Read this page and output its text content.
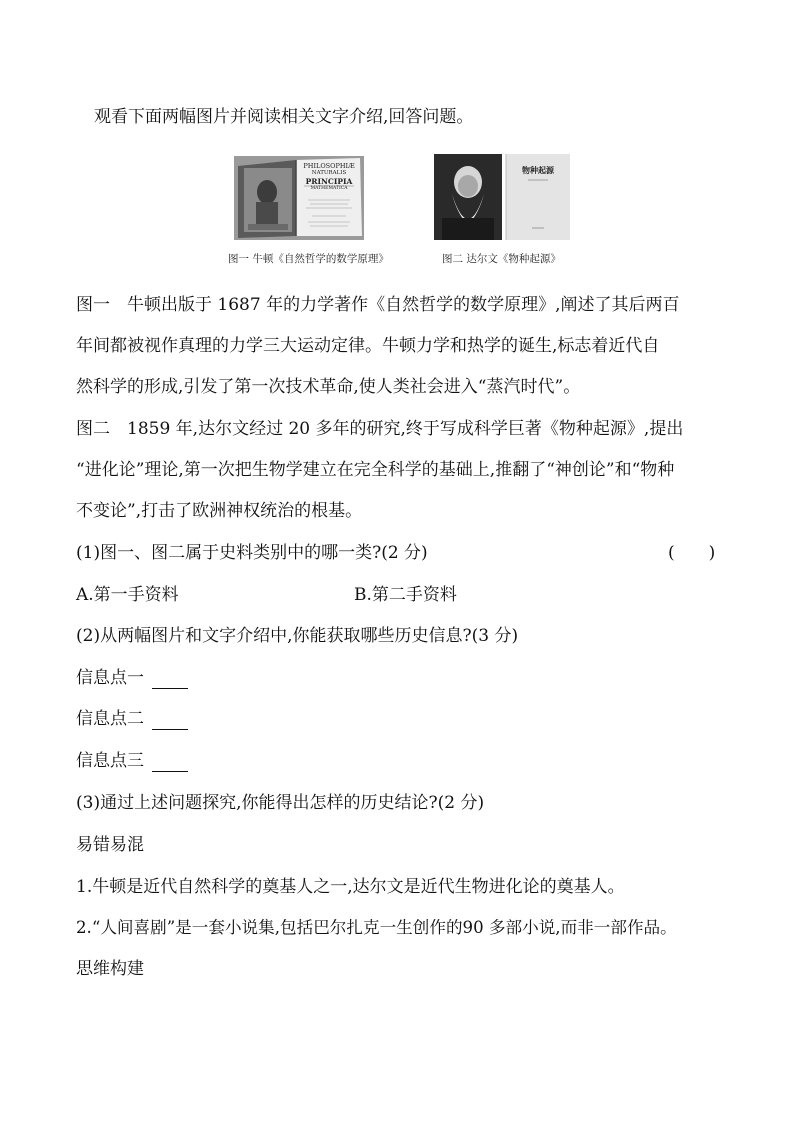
观看下面两幅图片并阅读相关文字介绍,回答问题。
PHILOSOPHIÆ
NATURALIS
PRINCIPIA
MATHEMATICA
物种起源
图一 牛顿《自然哲学的数学原理》	图二 达尔文《物种起源》
图一　牛顿出版于 1687 年的力学著作《自然哲学的数学原理》,阐述了其后两百
年间都被视作真理的力学三大运动定律。牛顿力学和热学的诞生,标志着近代自
然科学的形成,引发了第一次技术革命,使人类社会进入“蒸汽时代”。
图二　1859 年,达尔文经过 20 多年的研究,终于写成科学巨著《物种起源》,提出
“进化论”理论,第一次把生物学建立在完全科学的基础上,推翻了“神创论”和“物种
不变论”,打击了欧洲神权统治的根基。
(1)图一、图二属于史料类别中的哪一类?(2 分)	(　　)
A.第一手资料	B.第二手资料
(2)从两幅图片和文字介绍中,你能获取哪些历史信息?(3 分)
信息点一
信息点二
信息点三
(3)通过上述问题探究,你能得出怎样的历史结论?(2 分)
易错易混
1.牛顿是近代自然科学的奠基人之一,达尔文是近代生物进化论的奠基人。
2.“人间喜剧”是一套小说集,包括巴尔扎克一生创作的90 多部小说,而非一部作品。
思维构建
